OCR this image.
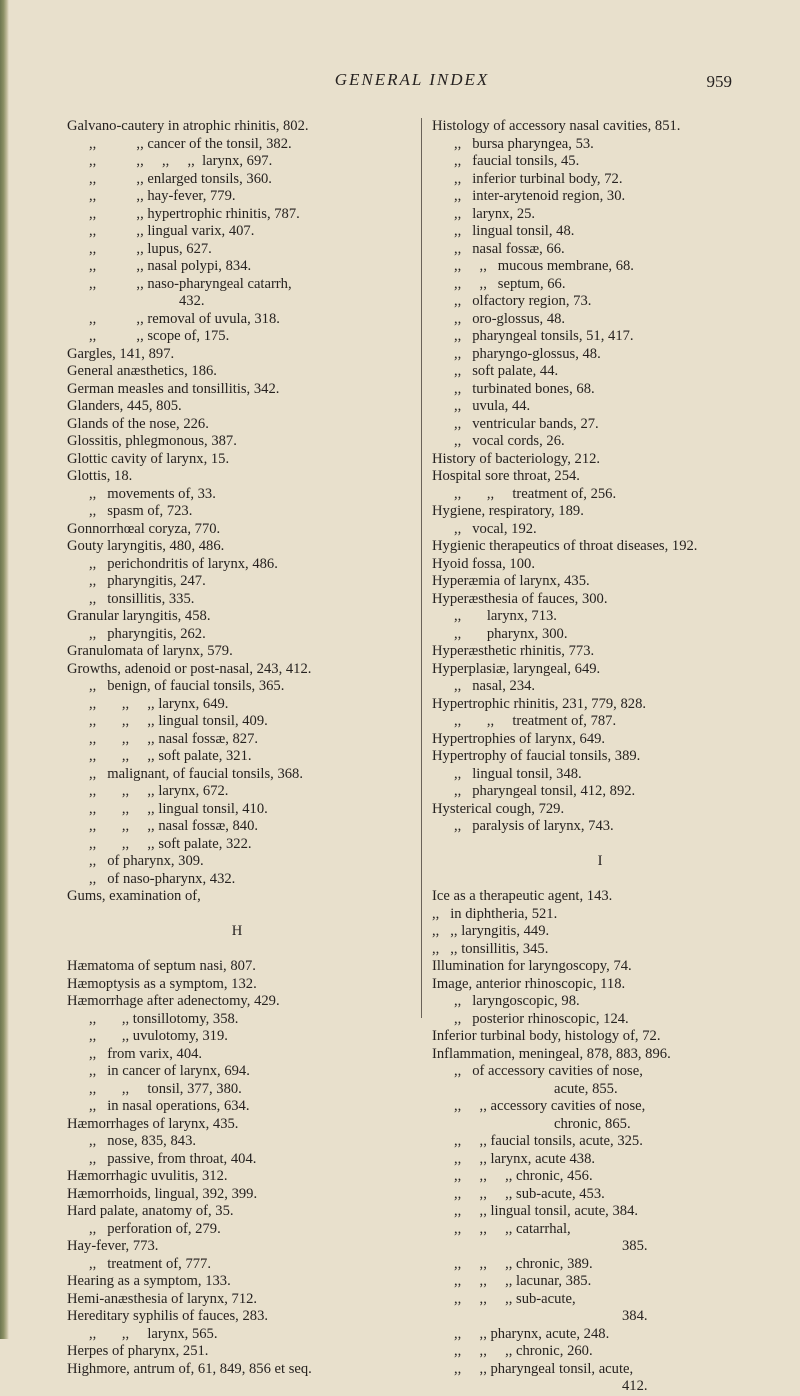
GENERAL INDEX	959
Galvano-cautery in atrophic rhinitis, 802.
,,           ,, cancer of the tonsil, 382.
,,           ,,     ,,     ,,  larynx, 697.
,,           ,, enlarged tonsils, 360.
,,           ,, hay-fever, 779.
,,           ,, hypertrophic rhinitis, 787.
,,           ,, lingual varix, 407.
,,           ,, lupus, 627.
,,           ,, nasal polypi, 834.
,,           ,, naso-pharyngeal catarrh,
432.
,,           ,, removal of uvula, 318.
,,           ,, scope of, 175.
Gargles, 141, 897.
General anæsthetics, 186.
German measles and tonsillitis, 342.
Glanders, 445, 805.
Glands of the nose, 226.
Glossitis, phlegmonous, 387.
Glottic cavity of larynx, 15.
Glottis, 18.
,,   movements of, 33.
,,   spasm of, 723.
Gonnorrhœal coryza, 770.
Gouty laryngitis, 480, 486.
,,   perichondritis of larynx, 486.
,,   pharyngitis, 247.
,,   tonsillitis, 335.
Granular laryngitis, 458.
,,   pharyngitis, 262.
Granulomata of larynx, 579.
Growths, adenoid or post-nasal, 243, 412.
,,   benign, of faucial tonsils, 365.
,,       ,,     ,, larynx, 649.
,,       ,,     ,, lingual tonsil, 409.
,,       ,,     ,, nasal fossæ, 827.
,,       ,,     ,, soft palate, 321.
,,   malignant, of faucial tonsils, 368.
,,       ,,     ,, larynx, 672.
,,       ,,     ,, lingual tonsil, 410.
,,       ,,     ,, nasal fossæ, 840.
,,       ,,     ,, soft palate, 322.
,,   of pharynx, 309.
,,   of naso-pharynx, 432.
Gums, examination of,
H
Hæmatoma of septum nasi, 807.
Hæmoptysis as a symptom, 132.
Hæmorrhage after adenectomy, 429.
,,       ,, tonsillotomy, 358.
,,       ,, uvulotomy, 319.
,,   from varix, 404.
,,   in cancer of larynx, 694.
,,       ,,     tonsil, 377, 380.
,,   in nasal operations, 634.
Hæmorrhages of larynx, 435.
,,   nose, 835, 843.
,,   passive, from throat, 404.
Hæmorrhagic uvulitis, 312.
Hæmorrhoids, lingual, 392, 399.
Hard palate, anatomy of, 35.
,,   perforation of, 279.
Hay-fever, 773.
,,   treatment of, 777.
Hearing as a symptom, 133.
Hemi-anæsthesia of larynx, 712.
Hereditary syphilis of fauces, 283.
,,       ,,     larynx, 565.
Herpes of pharynx, 251.
Highmore, antrum of, 61, 849, 856 et seq.
Histology of accessory nasal cavities, 851.
,,   bursa pharyngea, 53.
,,   faucial tonsils, 45.
,,   inferior turbinal body, 72.
,,   inter-arytenoid region, 30.
,,   larynx, 25.
,,   lingual tonsil, 48.
,,   nasal fossæ, 66.
,,     ,,   mucous membrane, 68.
,,     ,,   septum, 66.
,,   olfactory region, 73.
,,   oro-glossus, 48.
,,   pharyngeal tonsils, 51, 417.
,,   pharyngo-glossus, 48.
,,   soft palate, 44.
,,   turbinated bones, 68.
,,   uvula, 44.
,,   ventricular bands, 27.
,,   vocal cords, 26.
History of bacteriology, 212.
Hospital sore throat, 254.
,,       ,,     treatment of, 256.
Hygiene, respiratory, 189.
,,   vocal, 192.
Hygienic therapeutics of throat diseases, 192.
Hyoid fossa, 100.
Hyperæmia of larynx, 435.
Hyperæsthesia of fauces, 300.
,,       larynx, 713.
,,       pharynx, 300.
Hyperæsthetic rhinitis, 773.
Hyperplasiæ, laryngeal, 649.
,,   nasal, 234.
Hypertrophic rhinitis, 231, 779, 828.
,,       ,,     treatment of, 787.
Hypertrophies of larynx, 649.
Hypertrophy of faucial tonsils, 389.
,,   lingual tonsil, 348.
,,   pharyngeal tonsil, 412, 892.
Hysterical cough, 729.
,,   paralysis of larynx, 743.
I
Ice as a therapeutic agent, 143.
,,   in diphtheria, 521.
,,   ,, laryngitis, 449.
,,   ,, tonsillitis, 345.
Illumination for laryngoscopy, 74.
Image, anterior rhinoscopic, 118.
,,   laryngoscopic, 98.
,,   posterior rhinoscopic, 124.
Inferior turbinal body, histology of, 72.
Inflammation, meningeal, 878, 883, 896.
,,   of accessory cavities of nose,
acute, 855.
,,     ,, accessory cavities of nose,
chronic, 865.
,,     ,, faucial tonsils, acute, 325.
,,     ,, larynx, acute 438.
,,     ,,     ,, chronic, 456.
,,     ,,     ,, sub-acute, 453.
,,     ,, lingual tonsil, acute, 384.
,,     ,,     ,, catarrhal,
385.
,,     ,,     ,, chronic, 389.
,,     ,,     ,, lacunar, 385.
,,     ,,     ,, sub-acute,
384.
,,     ,, pharynx, acute, 248.
,,     ,,     ,, chronic, 260.
,,     ,, pharyngeal tonsil, acute,
412.
